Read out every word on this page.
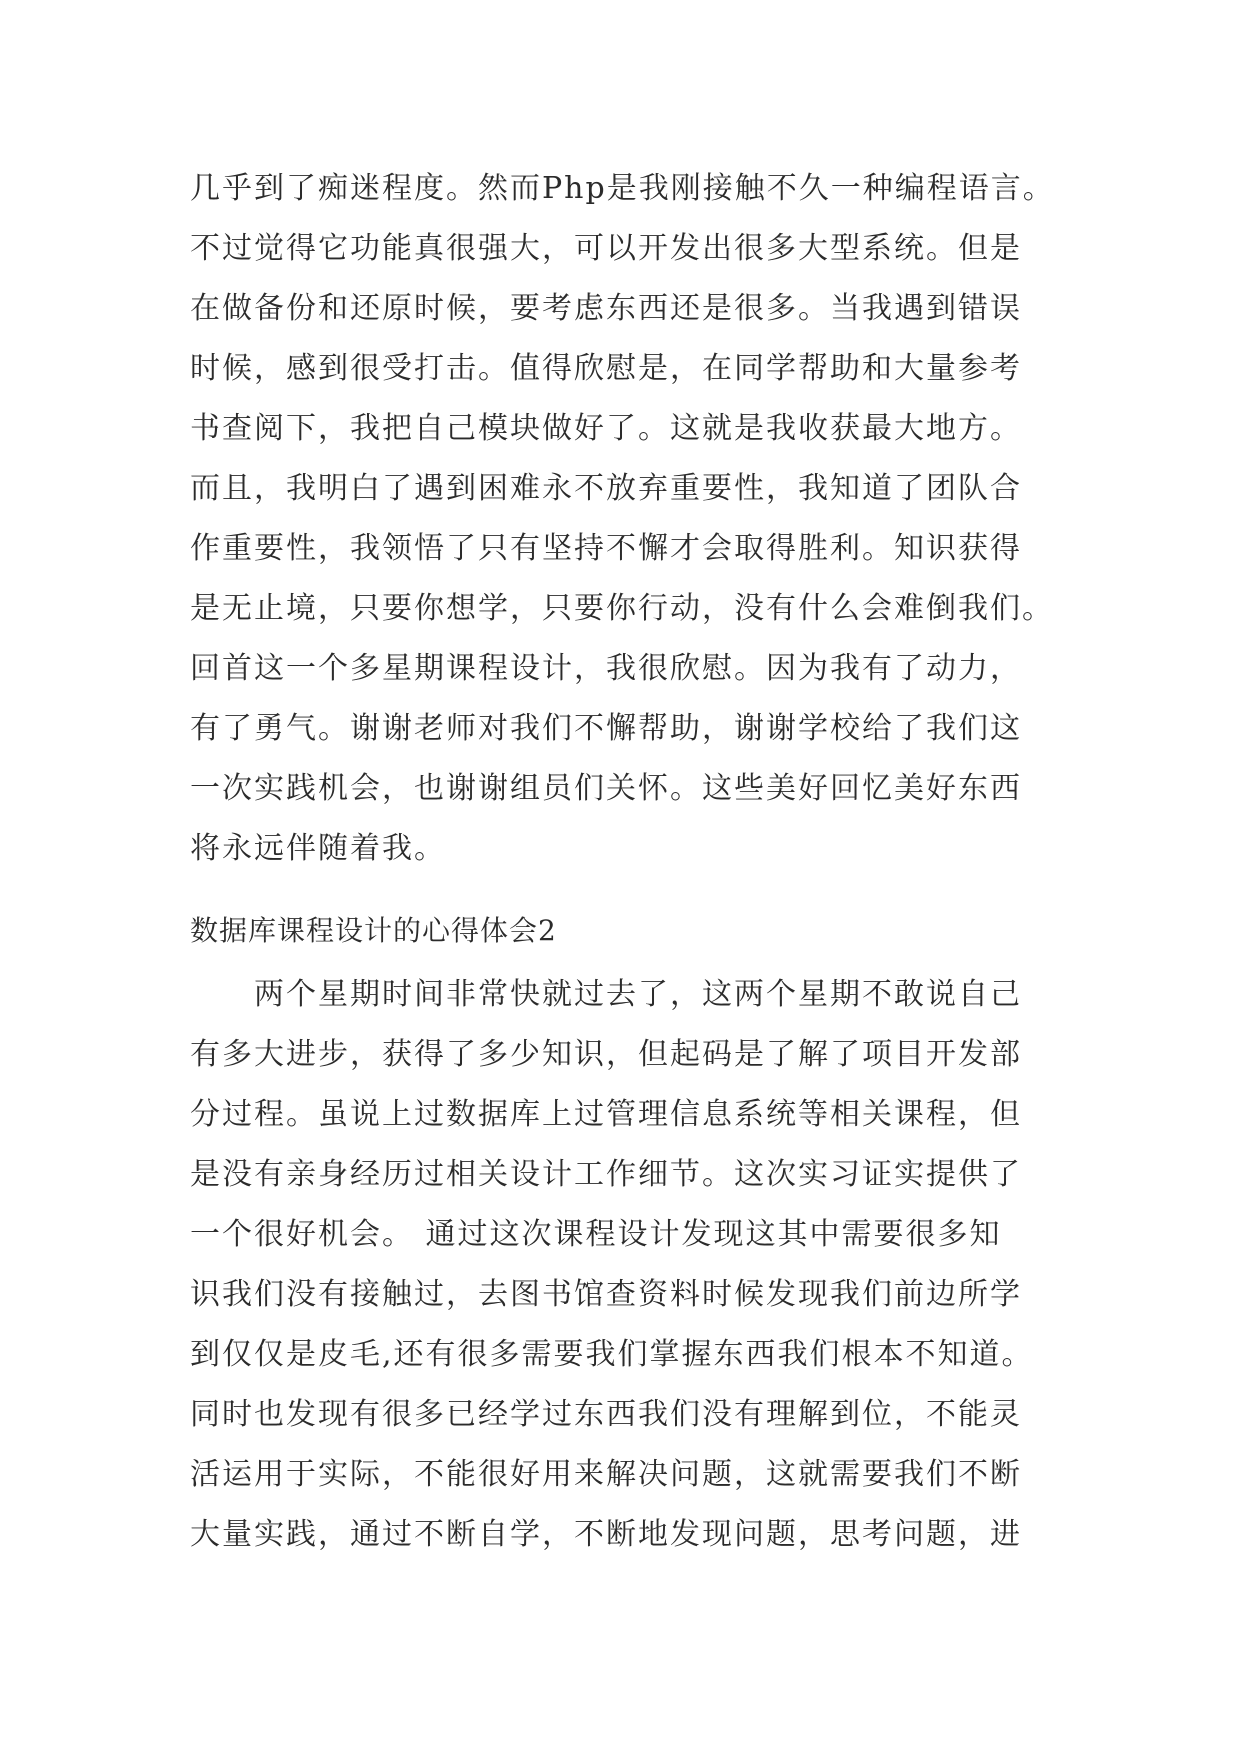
几乎到了痴迷程度。然而Php是我刚接触不久一种编程语言。
不过觉得它功能真很强大，可以开发出很多大型系统。但是
在做备份和还原时候，要考虑东西还是很多。当我遇到错误
时候，感到很受打击。值得欣慰是，在同学帮助和大量参考
书查阅下，我把自己模块做好了。这就是我收获最大地方。
而且，我明白了遇到困难永不放弃重要性，我知道了团队合
作重要性，我领悟了只有坚持不懈才会取得胜利。知识获得
是无止境，只要你想学，只要你行动，没有什么会难倒我们。
回首这一个多星期课程设计，我很欣慰。因为我有了动力，
有了勇气。谢谢老师对我们不懈帮助，谢谢学校给了我们这
一次实践机会，也谢谢组员们关怀。这些美好回忆美好东西
将永远伴随着我。
数据库课程设计的心得体会2
　　两个星期时间非常快就过去了，这两个星期不敢说自己
有多大进步，获得了多少知识，但起码是了解了项目开发部
分过程。虽说上过数据库上过管理信息系统等相关课程，但
是没有亲身经历过相关设计工作细节。这次实习证实提供了
一个很好机会。 通过这次课程设计发现这其中需要很多知
识我们没有接触过，去图书馆查资料时候发现我们前边所学
到仅仅是皮毛,还有很多需要我们掌握东西我们根本不知道。
同时也发现有很多已经学过东西我们没有理解到位，不能灵
活运用于实际，不能很好用来解决问题，这就需要我们不断
大量实践，通过不断自学，不断地发现问题，思考问题，进
